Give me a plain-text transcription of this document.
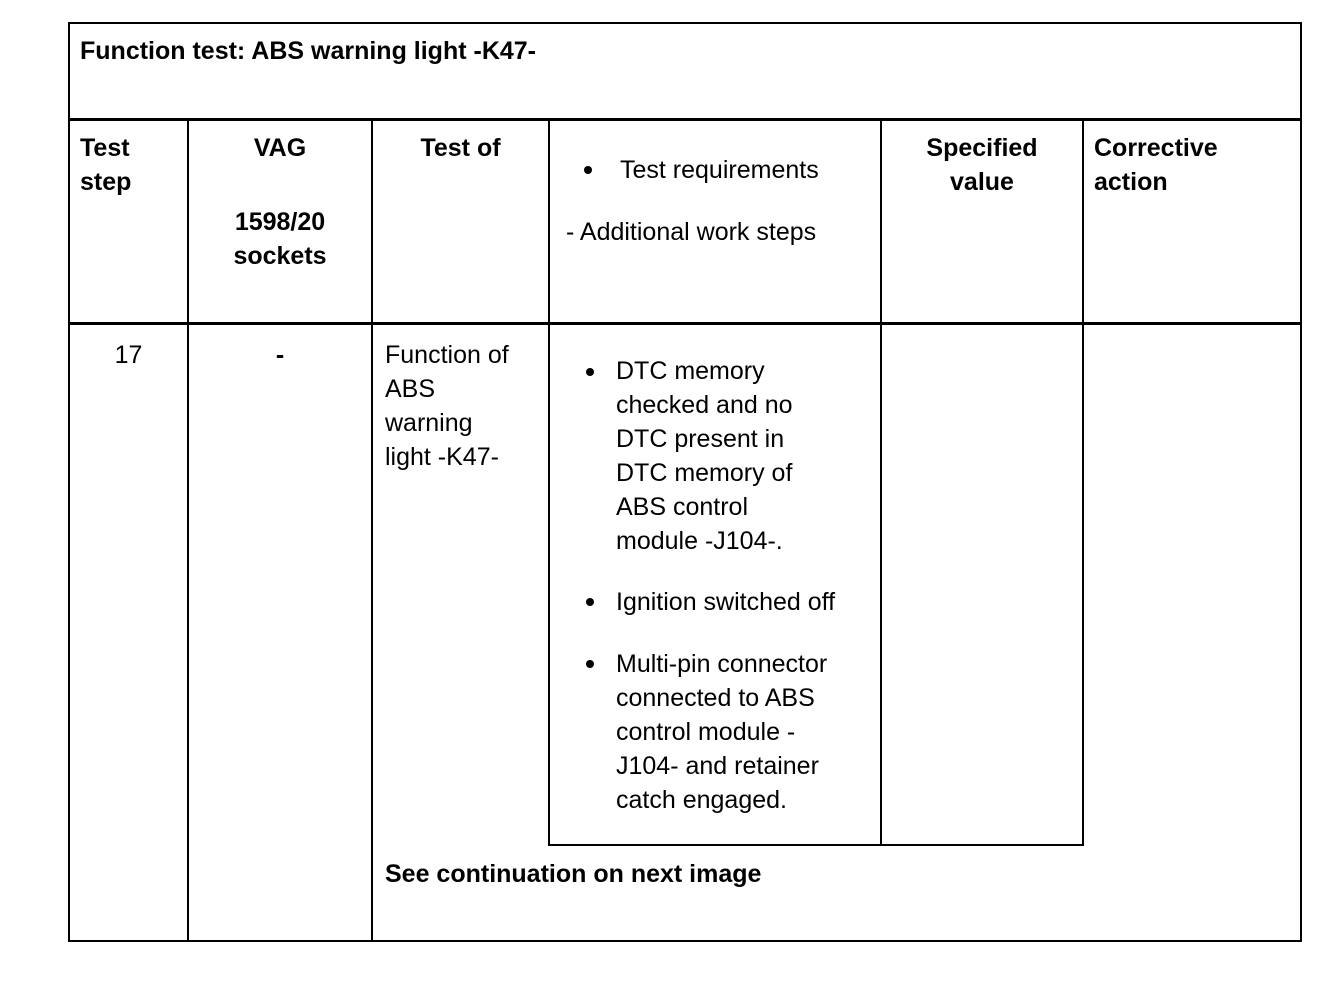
Function test: ABS warning light -K47-
Test
step
VAG
1598/20
sockets
Test of
Test requirements
- Additional work steps
Specified
value
Corrective
action
17	-	Function of
ABS
warning
light -K47-
DTC memory
checked and no
DTC present in
DTC memory of
ABS control
module -J104-.
Ignition switched off
Multi-pin connector
connected to ABS
control module -
J104- and retainer
catch engaged.
See continuation on next image
